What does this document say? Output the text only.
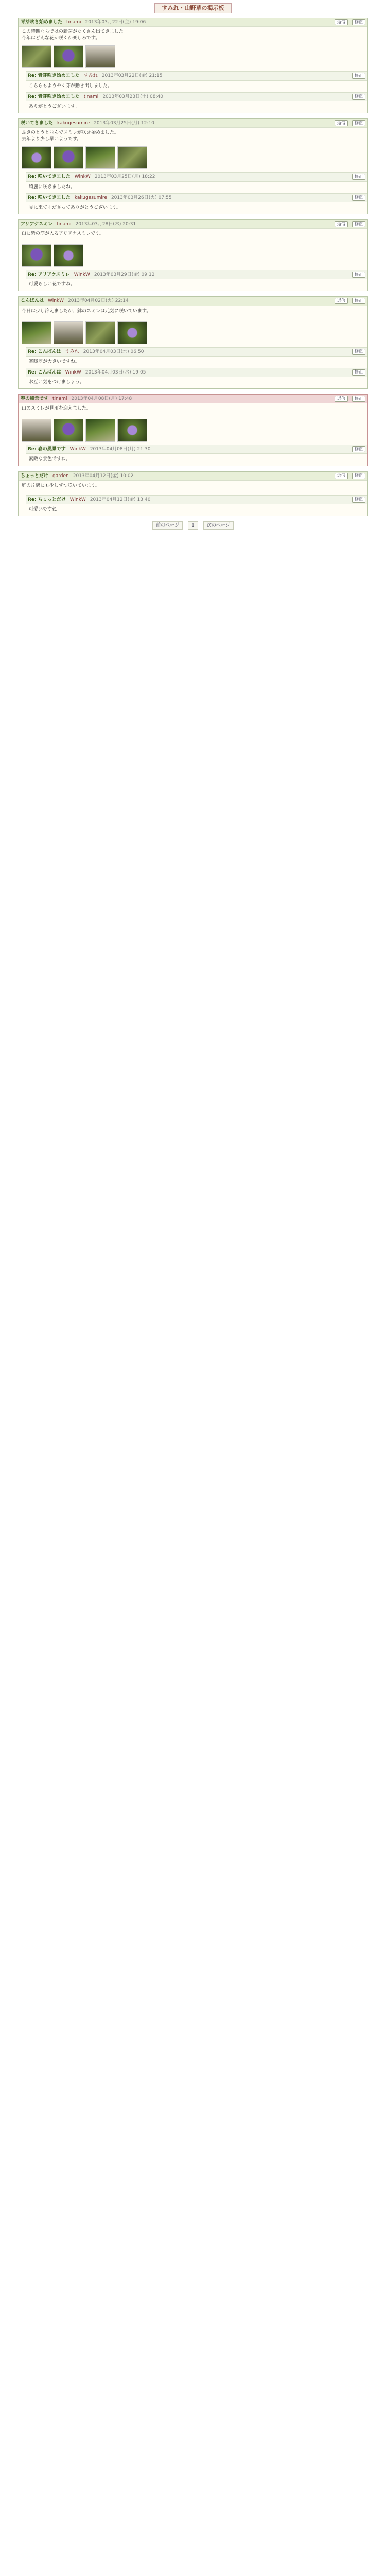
すみれ・山野草の掲示板
青芽吹き始めました tinami 2013年03月22日(金) 19:06	返信	修正
この時期ならではの新芽がたくさん出てきました。
今年はどんな花が咲くか楽しみです。
Re: 青芽吹き始めました すみれ 2013年03月22日(金) 21:15	修正
こちらもようやく芽が動き出しました。
Re: 青芽吹き始めました tinami 2013年03月23日(土) 08:40	修正
ありがとうございます。
咲いてきました kakugesumire 2013年03月25日(月) 12:10	返信	修正
ふきのとうと並んでスミレが咲き始めました。
去年より少し早いようです。
Re: 咲いてきました WinkW 2013年03月25日(月) 18:22	修正
綺麗に咲きましたね。
Re: 咲いてきました kakugesumire 2013年03月26日(火) 07:55	修正
見に来てくださってありがとうございます。
アリアケスミレ tinami 2013年03月28日(木) 20:31	返信	修正
白に紫の筋が入るアリアケスミレです。
Re: アリアケスミレ WinkW 2013年03月29日(金) 09:12	修正
可愛らしい花ですね。
こんばんは WinkW 2013年04月02日(火) 22:14	返信	修正
今日は少し冷えましたが、鉢のスミレは元気に咲いています。
Re: こんばんは すみれ 2013年04月03日(水) 06:50	修正
寒暖差が大きいですね。
Re: こんばんは WinkW 2013年04月03日(水) 19:05	修正
お互い気をつけましょう。
春の風景です tinami 2013年04月08日(月) 17:48	返信	修正
山のスミレが見頃を迎えました。
Re: 春の風景です WinkW 2013年04月08日(月) 21:30	修正
素敵な景色ですね。
ちょっとだけ garden 2013年04月12日(金) 10:02	返信	修正
庭の片隅にも少しずつ咲いています。
Re: ちょっとだけ WinkW 2013年04月12日(金) 13:40	修正
可愛いですね。
前のページ	1	次のページ
